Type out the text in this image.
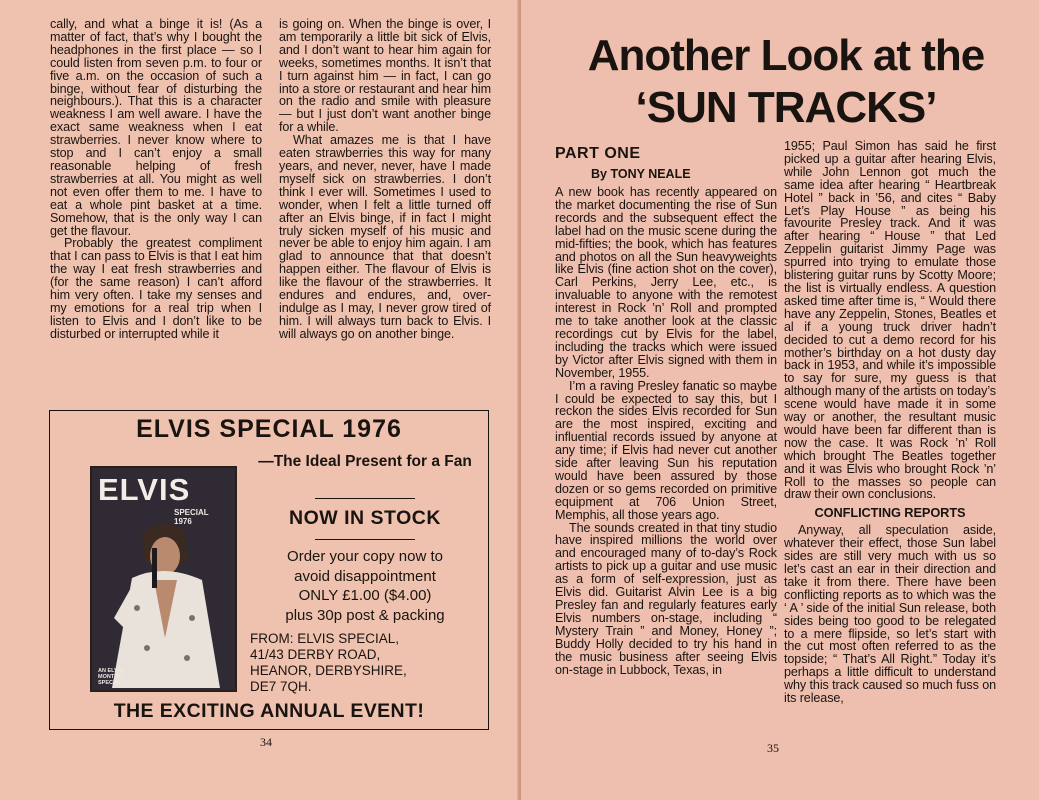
cally, and what a binge it is! (As a matter of fact, that’s why I bought the headphones in the first place — so I could listen from seven p.m. to four or five a.m. on the occasion of such a binge, without fear of disturbing the neighbours.). That this is a character weakness I am well aware. I have the exact same weakness when I eat strawberries. I never know where to stop and I can’t enjoy a small reasonable helping of fresh strawberries at all. You might as well not even offer them to me. I have to eat a whole pint basket at a time. Somehow, that is the only way I can get the flavour.

Probably the greatest compliment that I can pass to Elvis is that I eat him the way I eat fresh strawberries and (for the same reason) I can’t afford him very often. I take my senses and my emotions for a real trip when I listen to Elvis and I don’t like to be disturbed or interrupted while it

is going on. When the binge is over, I am temporarily a little bit sick of Elvis, and I don’t want to hear him again for weeks, sometimes months. It isn’t that I turn against him — in fact, I can go into a store or restaurant and hear him on the radio and smile with pleasure — but I just don’t want another binge for a while.

What amazes me is that I have eaten strawberries this way for many years, and never, never, have I made myself sick on strawberries. I don’t think I ever will. Sometimes I used to wonder, when I felt a little turned off after an Elvis binge, if in fact I might truly sicken myself of his music and never be able to enjoy him again. I am glad to announce that that doesn’t happen either. The flavour of Elvis is like the flavour of the strawberries. It endures and endures, and, over-indulge as I may, I never grow tired of him. I will always turn back to Elvis. I will always go on another binge.

ELVIS SPECIAL 1976
ELVIS
SPECIAL
1976
AN ELVIS
MONTHLY
SPECIAL
—The Ideal Present for a Fan
NOW IN STOCK
Order your copy now to
avoid disappointment
ONLY £1.00 ($4.00)
plus 30p post & packing
FROM: ELVIS SPECIAL,
41/43 DERBY ROAD,
HEANOR, DERBYSHIRE,
DE7 7QH.
THE EXCITING ANNUAL EVENT!
34
Another Look at the
‘SUN TRACKS’
PART ONE
By TONY NEALE

A new book has recently appeared on the market documenting the rise of Sun records and the subsequent effect the label had on the music scene during the mid-fifties; the book, which has features and photos on all the Sun heavyweights like Elvis (fine action shot on the cover), Carl Perkins, Jerry Lee, etc., is invaluable to anyone with the remotest interest in Rock ’n’ Roll and prompted me to take another look at the classic recordings cut by Elvis for the label, including the tracks which were issued by Victor after Elvis signed with them in November, 1955.

I’m a raving Presley fanatic so maybe I could be expected to say this, but I reckon the sides Elvis recorded for Sun are the most inspired, exciting and influential records issued by anyone at any time; if Elvis had never cut another side after leaving Sun his reputation would have been assured by those dozen or so gems recorded on primitive equipment at 706 Union Street, Memphis, all those years ago.

The sounds created in that tiny studio have inspired millions the world over and encouraged many of to-day’s Rock artists to pick up a guitar and use music as a form of self-expression, just as Elvis did. Guitarist Alvin Lee is a big Presley fan and regularly features early Elvis numbers on-stage, including “ Mystery Train ” and Money, Honey ”; Buddy Holly decided to try his hand in the music business after seeing Elvis on-stage in Lubbock, Texas, in

1955; Paul Simon has said he first picked up a guitar after hearing Elvis, while John Lennon got much the same idea after hearing “ Heartbreak Hotel ” back in ’56, and cites “ Baby Let’s Play House ” as being his favourite Presley track. And it was after hearing “ House ” that Led Zeppelin guitarist Jimmy Page was spurred into trying to emulate those blistering guitar runs by Scotty Moore; the list is virtually endless. A question asked time after time is, “ Would there have any Zeppelin, Stones, Beatles et al if a young truck driver hadn’t decided to cut a demo record for his mother’s birthday on a hot dusty day back in 1953, and while it’s impossible to say for sure, my guess is that although many of the artists on today’s scene would have made it in some way or another, the resultant music would have been far different than is now the case. It was Rock ’n’ Roll which brought The Beatles together and it was Elvis who brought Rock ’n’ Roll to the masses so people can draw their own conclusions.

CONFLICTING REPORTS

Anyway, all speculation aside, whatever their effect, those Sun label sides are still very much with us so let’s cast an ear in their direction and take it from there. There have been conflicting reports as to which was the ‘ A ’ side of the initial Sun release, both sides being too good to be relegated to a mere flipside, so let’s start with the cut most often referred to as the topside; “ That’s All Right.” Today it’s perhaps a little difficult to understand why this track caused so much fuss on its release,

35
